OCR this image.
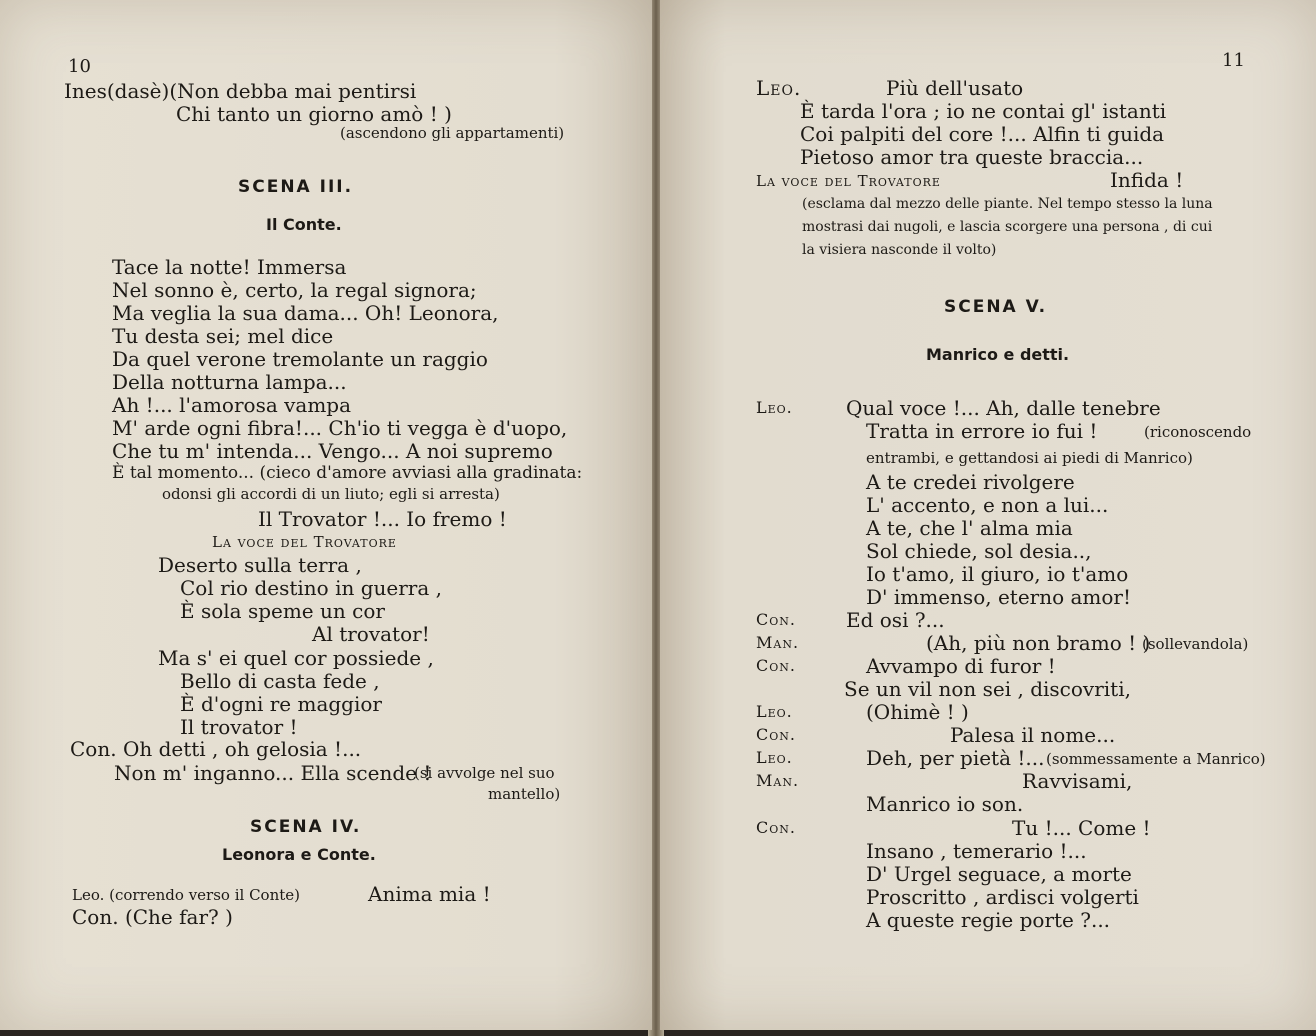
10
Ines(dasè)(Non debba mai pentirsi
Chi tanto un giorno amò ! )
(ascendono gli appartamenti)
SCENA III.
Il Conte.
Tace la notte! Immersa
Nel sonno è, certo, la regal signora;
Ma veglia la sua dama... Oh! Leonora,
Tu desta sei; mel dice
Da quel verone tremolante un raggio
Della notturna lampa...
Ah !... l'amorosa vampa
M' arde ogni fibra!... Ch'io ti vegga è d'uopo,
Che tu m' intenda... Vengo... A noi supremo
È tal momento... (cieco d'amore avviasi alla gradinata:
odonsi gli accordi di un liuto; egli si arresta)
Il Trovator !... Io fremo !
La voce del Trovatore
Deserto sulla terra ,
Col rio destino in guerra ,
È sola speme un cor
Al trovator!
Ma s' ei quel cor possiede ,
Bello di casta fede ,
È d'ogni re maggior
Il trovator !
Con. Oh detti , oh gelosia !...
Non m' inganno... Ella scende !
(si avvolge nel suo
mantello)
SCENA IV.
Leonora e Conte.
Leo. (correndo verso il Conte)	Anima mia !
Con. (Che far? )
11
Leo.	Più dell'usato
È tarda l'ora ; io ne contai gl' istanti
Coi palpiti del core !... Alfin ti guida
Pietoso amor tra queste braccia...
La voce del Trovatore	Infida !
(esclama dal mezzo delle piante. Nel tempo stesso la luna
mostrasi dai nugoli, e lascia scorgere una persona , di cui
la visiera nasconde il volto)
SCENA V.
Manrico e detti.
Leo.	Qual voce !... Ah, dalle tenebre
Tratta in errore io fui !	(riconoscendo
entrambi, e gettandosi ai piedi di Manrico)
A te credei rivolgere
L' accento, e non a lui...
A te, che l' alma mia
Sol chiede, sol desia..,
Io t'amo, il giuro, io t'amo
D' immenso, eterno amor!
Con.	Ed osi ?...
Man.	(Ah, più non bramo ! )
(sollevandola)
Con.	Avvampo di furor !
Se un vil non sei , discovriti,
Leo.	(Ohimè ! )
Con.	Palesa il nome...
Leo.	Deh, per pietà !... (sommessamente a Manrico)
Man.	Ravvisami,
Manrico io son.
Con.	Tu !... Come !
Insano , temerario !...
D' Urgel seguace, a morte
Proscritto , ardisci volgerti
A queste regie porte ?...
